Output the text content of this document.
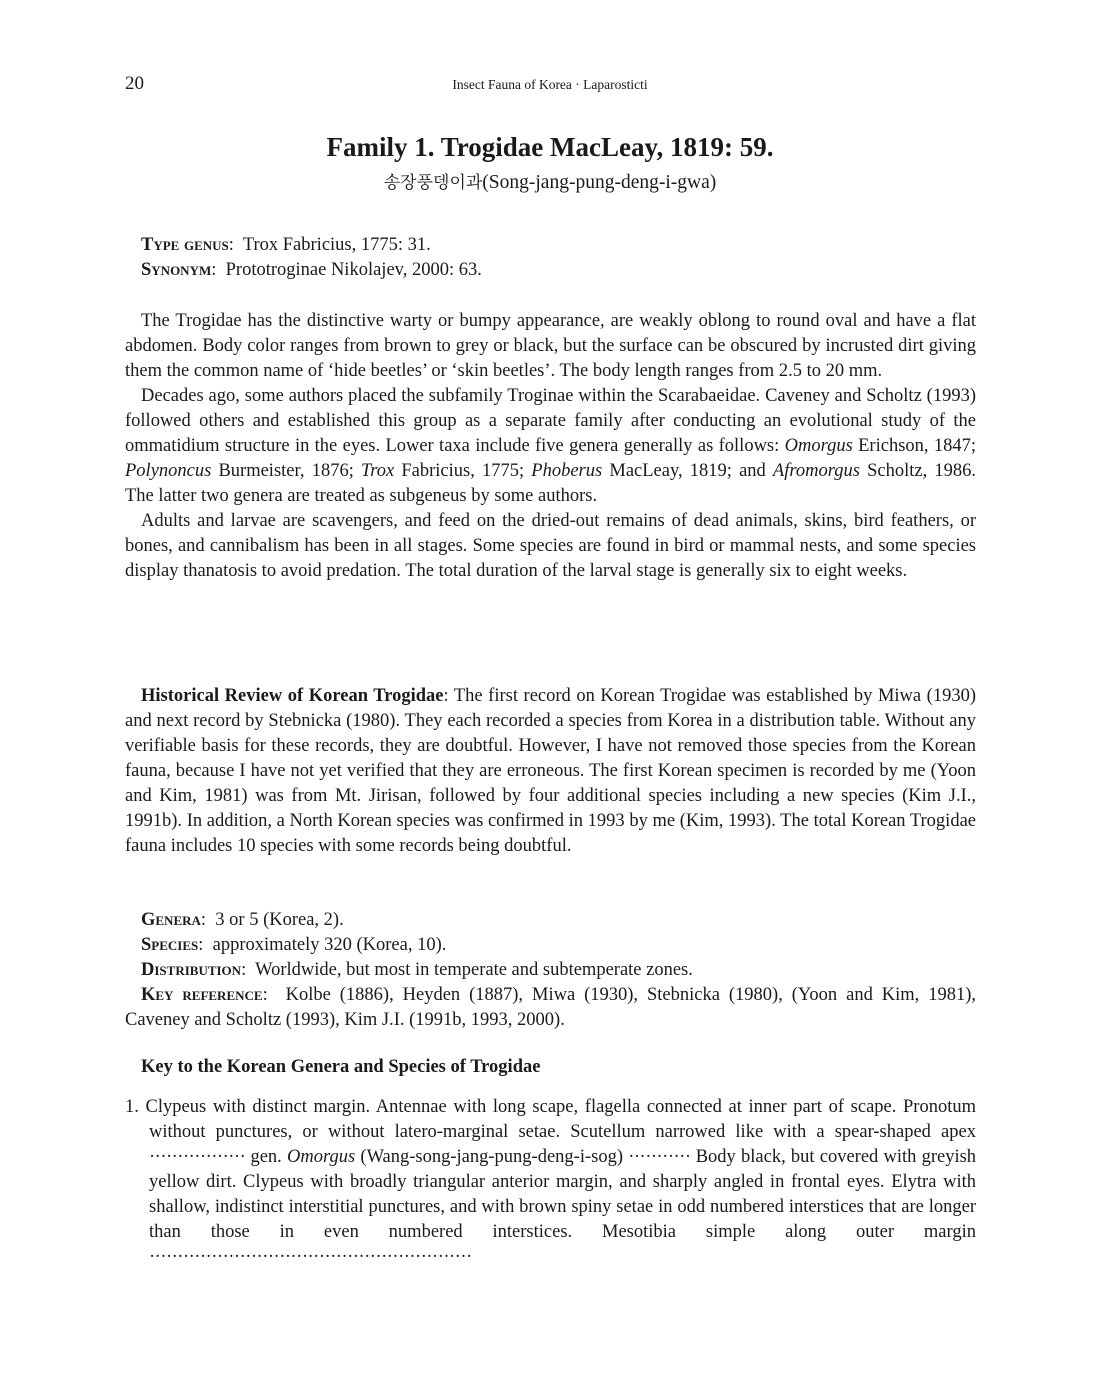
20	Insect Fauna of Korea · Laparosticti
Family 1. Trogidae MacLeay, 1819: 59.
송장풍뎅이과(Song-jang-pung-deng-i-gwa)

Type genus:  Trox Fabricius, 1775: 31.

Synonym:  Prototroginae Nikolajev, 2000: 63.

The Trogidae has the distinctive warty or bumpy appearance, are weakly oblong to round oval and have a flat abdomen. Body color ranges from brown to grey or black, but the surface can be obscured by incrusted dirt giving them the common name of ‘hide beetles’ or ‘skin beetles’. The body length ranges from 2.5 to 20 mm.

Decades ago, some authors placed the subfamily Troginae within the Scarabaeidae. Caveney and Scholtz (1993) followed others and established this group as a separate family after conducting an evolutional study of the ommatidium structure in the eyes. Lower taxa include five genera generally as follows: Omorgus Erichson, 1847; Polynoncus Burmeister, 1876; Trox Fabricius, 1775; Phoberus MacLeay, 1819; and Afromorgus Scholtz, 1986. The latter two genera are treated as subgeneus by some authors.

Adults and larvae are scavengers, and feed on the dried-out remains of dead animals, skins, bird feathers, or bones, and cannibalism has been in all stages. Some species are found in bird or mammal nests, and some species display thanatosis to avoid predation. The total duration of the larval stage is generally six to eight weeks.

Historical Review of Korean Trogidae: The first record on Korean Trogidae was established by Miwa (1930) and next record by Stebnicka (1980). They each recorded a species from Korea in a distribution table. Without any verifiable basis for these records, they are doubtful. However, I have not removed those species from the Korean fauna, because I have not yet verified that they are erroneous. The first Korean specimen is recorded by me (Yoon and Kim, 1981) was from Mt. Jirisan, followed by four additional species including a new species (Kim J.I., 1991b). In addition, a North Korean species was confirmed in 1993 by me (Kim, 1993). The total Korean Trogidae fauna includes 10 species with some records being doubtful.

Genera:  3 or 5 (Korea, 2).

Species:  approximately 320 (Korea, 10).

Distribution:  Worldwide, but most in temperate and subtemperate zones.

Key reference:  Kolbe (1886), Heyden (1887), Miwa (1930), Stebnicka (1980), (Yoon and Kim, 1981), Caveney and Scholtz (1993), Kim J.I. (1991b, 1993, 2000).

Key to the Korean Genera and Species of Trogidae

1. Clypeus with distinct margin. Antennae with long scape, flagella connected at inner part of scape. Pronotum without punctures, or without latero-marginal setae. Scutellum narrowed like with a spear-shaped apex ················· gen. Omorgus (Wang-song-jang-pung-deng-i-sog) ··········· Body black, but covered with greyish yellow dirt. Clypeus with broadly triangular anterior margin, and sharply angled in frontal eyes. Elytra with shallow, indistinct interstitial punctures, and with brown spiny setae in odd numbered interstices that are longer than those in even numbered interstices. Mesotibia simple along outer margin ·························································
